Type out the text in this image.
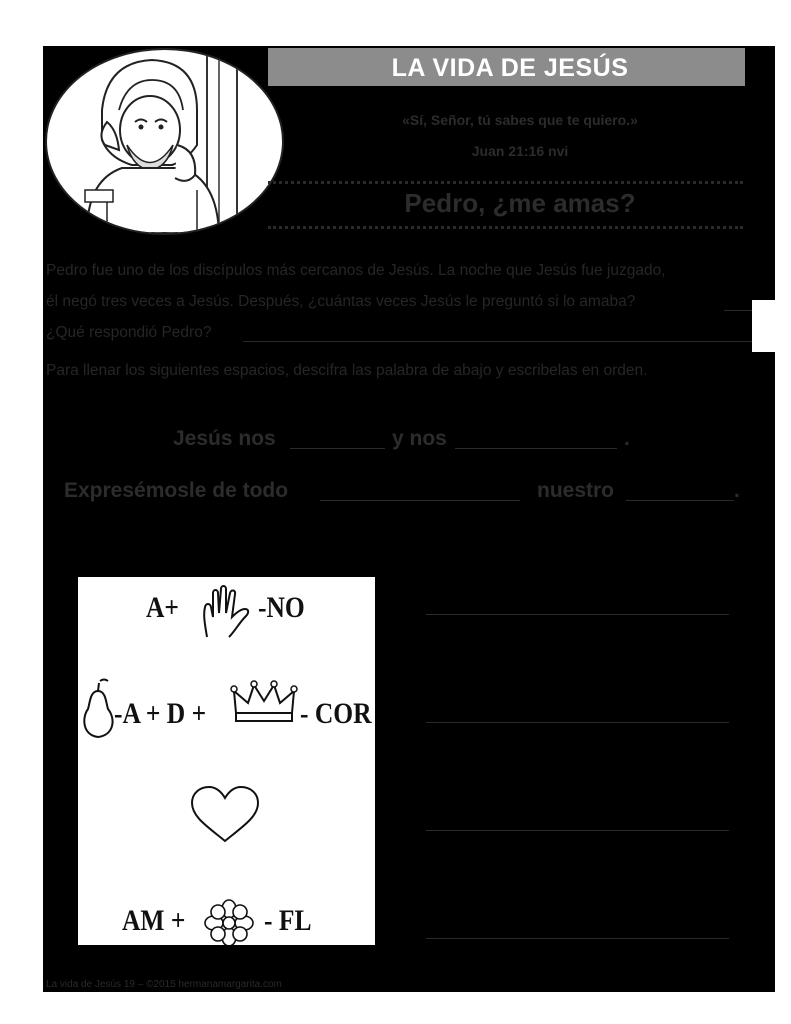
LA VIDA DE JESÚS
«Sí, Señor, tú sabes que te quiero.»
Juan 21:16 nvi
Pedro, ¿me amas?
Pedro fue uno de los discípulos más cercanos de Jesús. La noche que Jesús fue juzgado,
él negó tres veces a Jesús. Después, ¿cuántas veces Jesús le preguntó si lo amaba?
¿Qué respondió Pedro?
Para llenar los siguientes espacios, descifra las palabra de abajo y escribelas en orden.
Jesús nos	y nos	.
Expresémosle de todo	nuestro	.
A+	-NO
-A + D +	- COR
AM +	- FL
La vida de Jesús 19 – ©2015 hermanamargarita.com
